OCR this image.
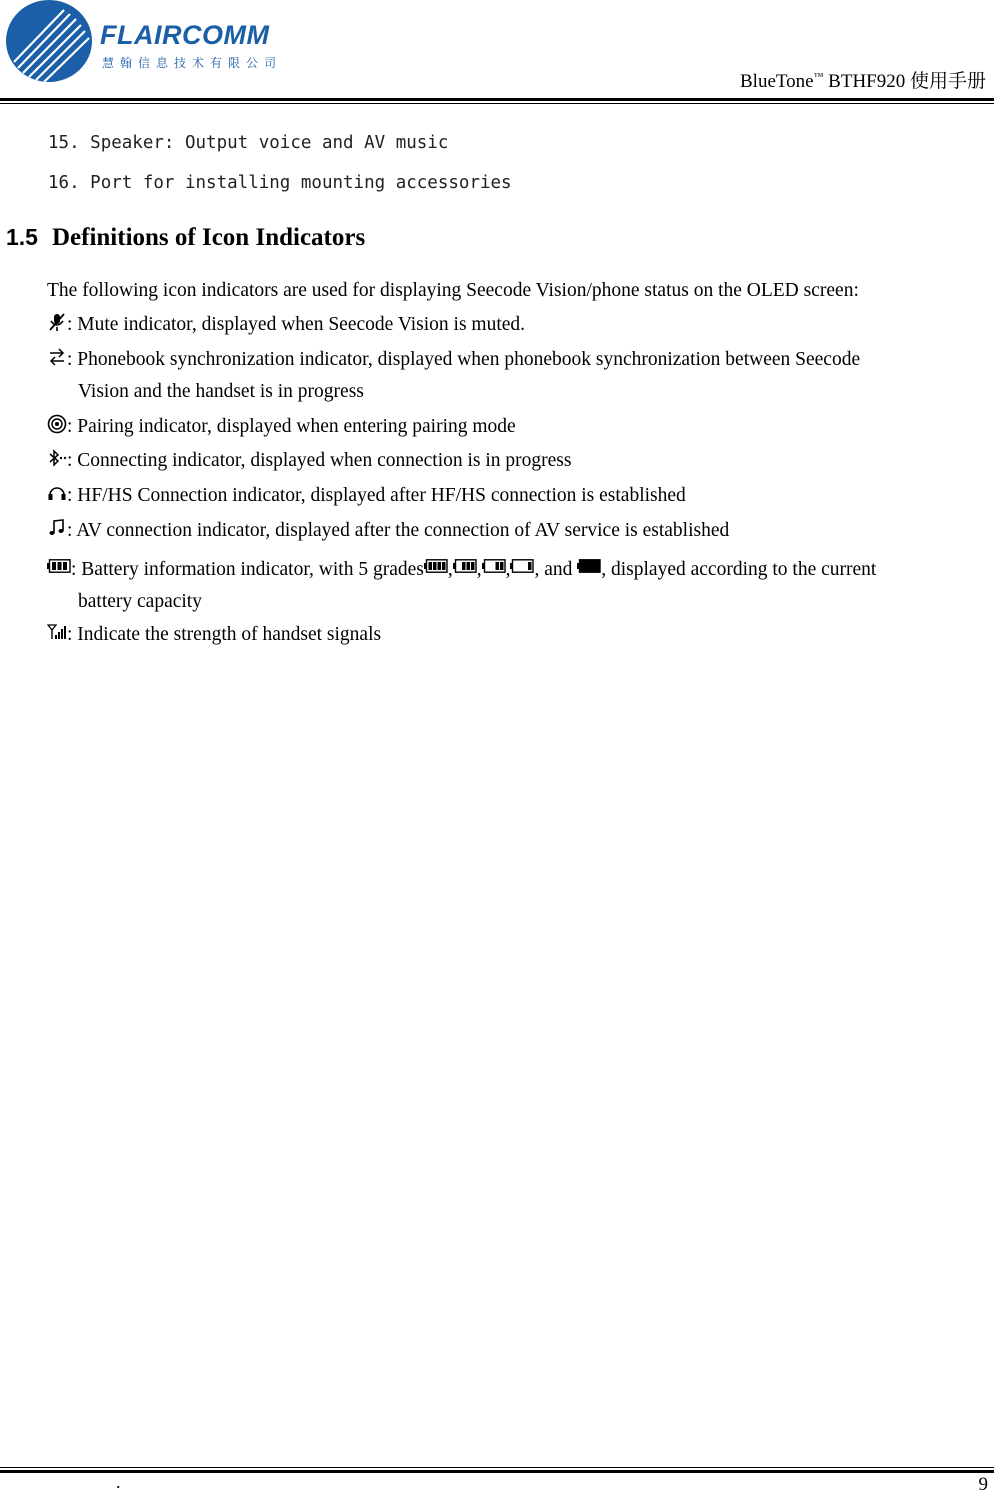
FLAIRCOMM
慧翰信息技术有限公司
BlueTone™ BTHF920 使用手册
15. Speaker: Output voice and AV music
16. Port for installing mounting accessories
1.5 Definitions of Icon Indicators
The following icon indicators are used for displaying Seecode Vision/phone status on the OLED screen:
: Mute indicator, displayed when Seecode Vision is muted.
: Phonebook synchronization indicator, displayed when phonebook synchronization between Seecode
Vision and the handset is in progress
: Pairing indicator, displayed when entering pairing mode
: Connecting indicator, displayed when connection is in progress
: HF/HS Connection indicator, displayed after HF/HS connection is established
: AV connection indicator, displayed after the connection of AV service is established
: Battery information indicator, with 5 grades , , , , and , displayed according to the current
battery capacity
: Indicate the strength of handset signals
.	9
